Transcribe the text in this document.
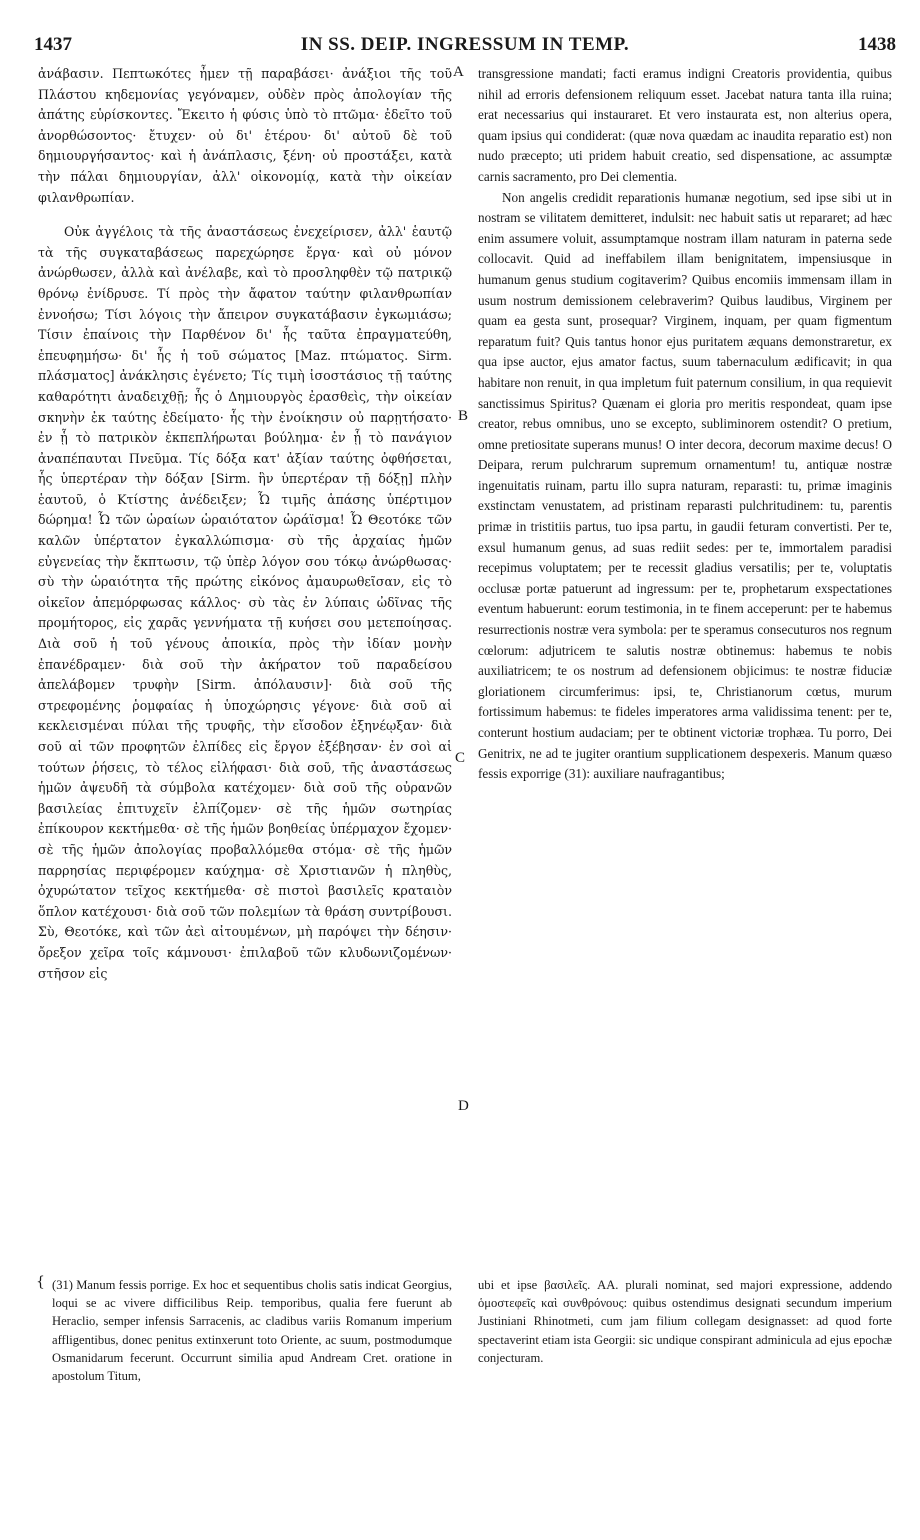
1437	IN SS. DEIP. INGRESSUM IN TEMP.	1438

ἀνάβασιν. Πεπτωκότες ἦμεν τῇ παραβάσει· ἀνάξιοι τῆς τοῦ Πλάστου κηδεμονίας γεγόναμεν, οὐδὲν πρὸς ἀπολογίαν τῆς ἀπάτης εὑρίσκοντες. Ἔκειτο ἡ φύσις ὑπὸ τὸ πτῶμα· ἐδεῖτο τοῦ ἀνορθώσοντος· ἔτυχεν· οὐ δι' ἑτέρου· δι' αὐτοῦ δὲ τοῦ δημιουργήσαντος· καὶ ἡ ἀνάπλασις, ξένη· οὐ προστάξει, κατὰ τὴν πάλαι δημιουργίαν, ἀλλ' οἰκονομίᾳ, κατὰ τὴν οἰκείαν φιλανθρωπίαν.

Οὐκ ἀγγέλοις τὰ τῆς ἀναστάσεως ἐνεχείρισεν, ἀλλ' ἑαυτῷ τὰ τῆς συγκαταβάσεως παρεχώρησε ἔργα· καὶ οὐ μόνον ἀνώρθωσεν, ἀλλὰ καὶ ἀνέλαβε, καὶ τὸ προσληφθὲν τῷ πατρικῷ θρόνῳ ἐνίδρυσε. Τί πρὸς τὴν ἄφατον ταύτην φιλανθρωπίαν ἐννοήσω; Τίσι λόγοις τὴν ἄπειρον συγκατάβασιν ἐγκωμιάσω; Τίσιν ἐπαίνοις τὴν Παρθένον δι' ἧς ταῦτα ἐπραγματεύθη, ἐπευφημήσω· δι' ἧς ἡ τοῦ σώματος [Maz. πτώματος. Sirm. πλάσματος] ἀνάκλησις ἐγένετο; Τίς τιμὴ ἰσοστάσιος τῇ ταύτης καθαρότητι ἀναδειχθῇ; ἧς ὁ Δημιουργὸς ἐρασθεὶς, τὴν οἰκείαν σκηνὴν ἐκ ταύτης ἐδείματο· ἧς τὴν ἐνοίκησιν οὐ παρῃτήσατο· ἐν ᾗ τὸ πατρικὸν ἐκπεπλήρωται βούλημα· ἐν ᾗ τὸ πανάγιον ἀναπέπαυται Πνεῦμα. Τίς δόξα κατ' ἀξίαν ταύτης ὀφθήσεται, ἧς ὑπερτέραν τὴν δόξαν [Sirm. ἣν ὑπερτέραν τῇ δόξῃ] πλὴν ἑαυτοῦ, ὁ Κτίστης ἀνέδειξεν; Ὦ τιμῆς ἁπάσης ὑπέρτιμον δώρημα! Ὦ τῶν ὡραίων ὡραιότατον ὡράϊσμα! Ὦ Θεοτόκε τῶν καλῶν ὑπέρτατον ἐγκαλλώπισμα· σὺ τῆς ἀρχαίας ἡμῶν εὐγενείας τὴν ἔκπτωσιν, τῷ ὑπὲρ λόγον σου τόκῳ ἀνώρθωσας· σὺ τὴν ὡραιότητα τῆς πρώτης εἰκόνος ἀμαυρωθεῖσαν, εἰς τὸ οἰκεῖον ἀπεμόρφωσας κάλλος· σὺ τὰς ἐν λύπαις ὠδῖνας τῆς προμήτορος, εἰς χαρᾶς γεννήματα τῇ κυήσει σου μετεποίησας. Διὰ σοῦ ἡ τοῦ γένους ἀποικία, πρὸς τὴν ἰδίαν μονὴν ἐπανέδραμεν· διὰ σοῦ τὴν ἀκήρατον τοῦ παραδείσου ἀπελάβομεν τρυφὴν [Sirm. ἀπόλαυσιν]· διὰ σοῦ τῆς στρεφομένης ῥομφαίας ἡ ὑποχώρησις γέγονε· διὰ σοῦ αἱ κεκλεισμέναι πύλαι τῆς τρυφῆς, τὴν εἴσοδον ἐξηνέῳξαν· διὰ σοῦ αἱ τῶν προφητῶν ἐλπίδες εἰς ἔργον ἐξέβησαν· ἐν σοὶ αἱ τούτων ῥήσεις, τὸ τέλος εἰλήφασι· διὰ σοῦ, τῆς ἀναστάσεως ἡμῶν ἀψευδῆ τὰ σύμβολα κατέχομεν· διὰ σοῦ τῆς οὐρανῶν βασιλείας ἐπιτυχεῖν ἐλπίζομεν· σὲ τῆς ἡμῶν σωτηρίας ἐπίκουρον κεκτήμεθα· σὲ τῆς ἡμῶν βοηθείας ὑπέρμαχον ἔχομεν· σὲ τῆς ἡμῶν ἀπολογίας προβαλλόμεθα στόμα· σὲ τῆς ἡμῶν παρρησίας περιφέρομεν καύχημα· σὲ Χριστιανῶν ἡ πληθὺς, ὀχυρώτατον τεῖχος κεκτήμεθα· σὲ πιστοὶ βασιλεῖς κραταιὸν ὅπλον κατέχουσι· διὰ σοῦ τῶν πολεμίων τὰ θράση συντρίβουσι. Σὺ, Θεοτόκε, καὶ τῶν ἀεὶ αἰτουμένων, μὴ παρόψει τὴν δέησιν· ὄρεξον χεῖρα τοῖς κάμνουσι· ἐπιλαβοῦ τῶν κλυδωνιζομένων· στῆσον εἰς

A
B
C
D

transgressione mandati; facti eramus indigni Creatoris providentia, quibus nihil ad erroris defensionem reliquum esset. Jacebat natura tanta illa ruina; erat necessarius qui instauraret. Et vero instaurata est, non alterius opera, quam ipsius qui condiderat: (quæ nova quædam ac inaudita reparatio est) non nudo præcepto; uti pridem habuit creatio, sed dispensatione, ac assumptæ carnis sacramento, pro Dei clementia.

Non angelis credidit reparationis humanæ negotium, sed ipse sibi ut in nostram se vilitatem demitteret, indulsit: nec habuit satis ut repararet; ad hæc enim assumere voluit, assumptamque nostram illam naturam in paterna sede collocavit. Quid ad ineffabilem illam benignitatem, impensiusque in humanum genus studium cogitaverim? Quibus encomiis immensam illam in usum nostrum demissionem celebraverim? Quibus laudibus, Virginem per quam ea gesta sunt, prosequar? Virginem, inquam, per quam figmentum reparatum fuit? Quis tantus honor ejus puritatem æquans demonstraretur, ex qua ipse auctor, ejus amator factus, suum tabernaculum ædificavit; in qua habitare non renuit, in qua impletum fuit paternum consilium, in qua requievit sanctissimus Spiritus? Quænam ei gloria pro meritis respondeat, quam ipse creator, rebus omnibus, uno se excepto, subliminorem ostendit? O pretium, omne pretiositate superans munus! O inter decora, decorum maxime decus! O Deipara, rerum pulchrarum supremum ornamentum! tu, antiquæ nostræ ingenuitatis ruinam, partu illo supra naturam, reparasti: tu, primæ imaginis exstinctam venustatem, ad pristinam reparasti pulchritudinem: tu, parentis primæ in tristitiis partus, tuo ipsa partu, in gaudii feturam convertisti. Per te, exsul humanum genus, ad suas rediit sedes: per te, immortalem paradisi recepimus voluptatem; per te recessit gladius versatilis; per te, voluptatis occlusæ portæ patuerunt ad ingressum: per te, prophetarum exspectationes eventum habuerunt: eorum testimonia, in te finem acceperunt: per te habemus resurrectionis nostræ vera symbola: per te speramus consecuturos nos regnum cœlorum: adjutricem te salutis nostræ obtinemus: habemus te nobis auxiliatricem; te os nostrum ad defensionem objicimus: te nostræ fiduciæ gloriationem circumferimus: ipsi, te, Christianorum cœtus, murum fortissimum habemus: te fideles imperatores arma validissima tenent: per te, conterunt hostium audaciam; per te obtinent victoriæ trophæa. Tu porro, Dei Genitrix, ne ad te jugiter orantium supplicationem despexeris. Manum quæso fessis exporrige (31): auxiliare naufragantibus;

{ (31) Manum fessis porrige. Ex hoc et sequentibus cholis satis indicat Georgius, loqui se ac vivere difficilibus Reip. temporibus, qualia fere fuerunt ab Heraclio, semper infensis Sarracenis, ac cladibus variis Romanum imperium affligentibus, donec penitus extinxerunt toto Oriente, ac suum, postmodumque Osmanidarum fecerunt. Occurrunt similia apud Andream Cret. oratione in apostolum Titum,
ubi et ipse βασιλεῖς. AA. plurali nominat, sed majori expressione, addendo ὁμοστεφεῖς καὶ συνθρόνους: quibus ostendimus designati secundum imperium Justiniani Rhinotmeti, cum jam filium collegam designasset: ad quod forte spectaverint etiam ista Georgii: sic undique conspirant adminicula ad ejus epochæ conjecturam.
